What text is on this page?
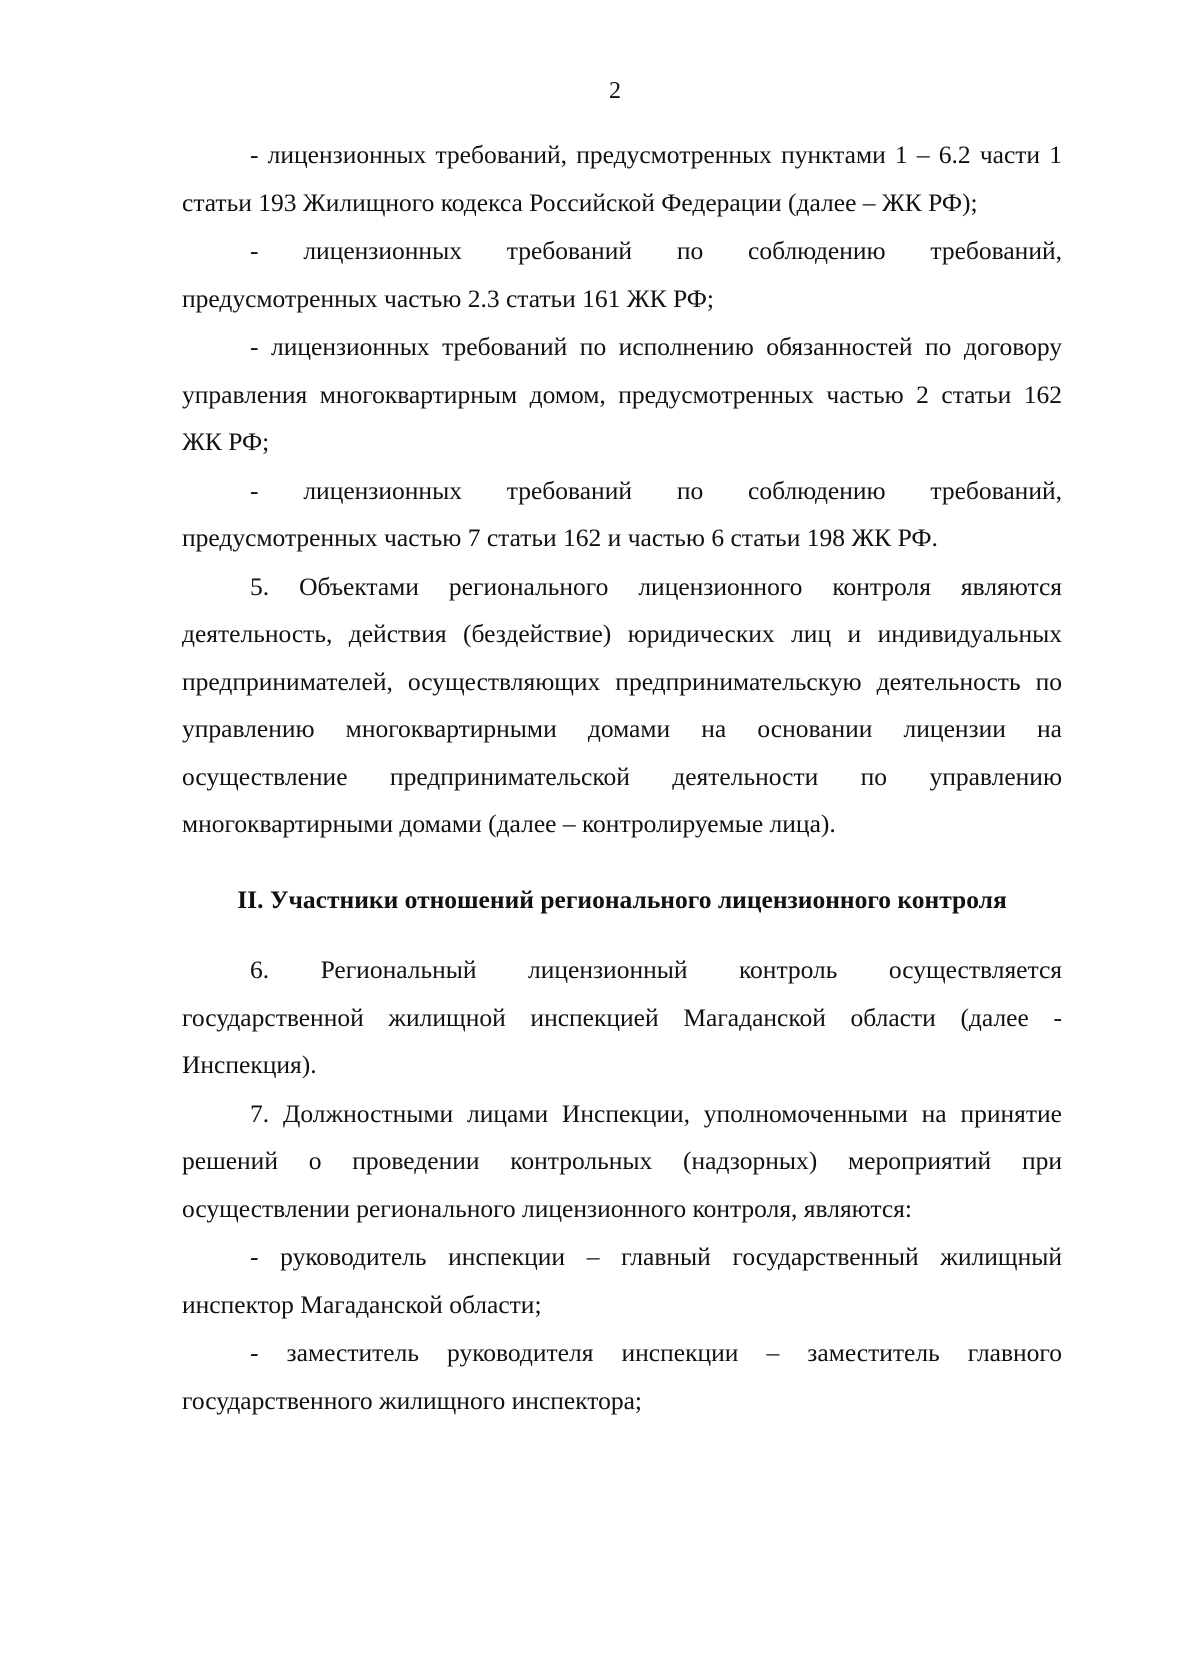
2

- лицензионных требований, предусмотренных пунктами 1 – 6.2 части 1 статьи 193 Жилищного кодекса Российской Федерации (далее – ЖК РФ);

- лицензионных требований по соблюдению требований, предусмотренных частью 2.3 статьи 161 ЖК РФ;

- лицензионных требований по исполнению обязанностей по договору управления многоквартирным домом, предусмотренных частью 2 статьи 162 ЖК РФ;

- лицензионных требований по соблюдению требований, предусмотренных частью 7 статьи 162 и частью 6 статьи 198 ЖК РФ.

5. Объектами регионального лицензионного контроля являются деятельность, действия (бездействие) юридических лиц и индивидуальных предпринимателей, осуществляющих предпринимательскую деятельность по управлению многоквартирными домами на основании лицензии на осуществление предпринимательской деятельности по управлению многоквартирными домами (далее – контролируемые лица).

II. Участники отношений регионального лицензионного контроля

6. Региональный лицензионный контроль осуществляется государственной жилищной инспекцией Магаданской области (далее - Инспекция).

7. Должностными лицами Инспекции, уполномоченными на принятие решений о проведении контрольных (надзорных) мероприятий при осуществлении регионального лицензионного контроля, являются:

- руководитель инспекции – главный государственный жилищный инспектор Магаданской области;

- заместитель руководителя инспекции – заместитель главного государственного жилищного инспектора;
